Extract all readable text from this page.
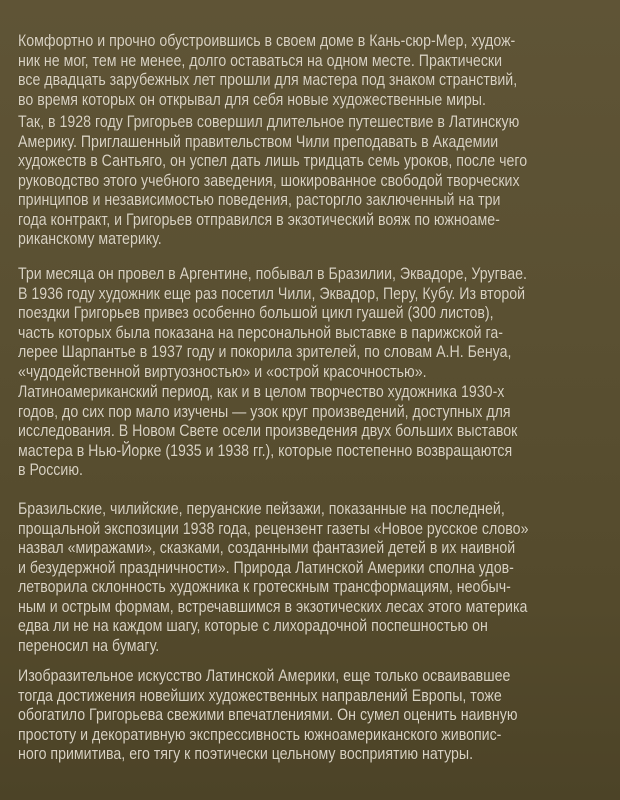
Комфортно и прочно обустроившись в своем доме в Кань-сюр-Мер, худож-
ник не мог, тем не менее, долго оставаться на одном месте. Практически
все двадцать зарубежных лет прошли для мастера под знаком странствий,
во время которых он открывал для себя новые художественные миры.
Так, в 1928 году Григорьев совершил длительное путешествие в Латинскую
Америку. Приглашенный правительством Чили преподавать в Академии
художеств в Сантьяго, он успел дать лишь тридцать семь уроков, после чего
руководство этого учебного заведения, шокированное свободой творческих
принципов и независимостью поведения, расторгло заключенный на три
года контракт, и Григорьев отправился в экзотический вояж по южноаме-
риканскому материку.
Три месяца он провел в Аргентине, побывал в Бразилии, Эквадоре, Уругвае.
В 1936 году художник еще раз посетил Чили, Эквадор, Перу, Кубу. Из второй
поездки Григорьев привез особенно большой цикл гуашей (300 листов),
часть которых была показана на персональной выставке в парижской га-
лерее Шарпантье в 1937 году и покорила зрителей, по словам А.Н. Бенуа,
«чудодейственной виртуозностью» и «острой красочностью».
Латиноамериканский период, как и в целом творчество художника 1930-х
годов, до сих пор мало изучены — узок круг произведений, доступных для
исследования. В Новом Свете осели произведения двух больших выставок
мастера в Нью-Йорке (1935 и 1938 гг.), которые постепенно возвращаются
в Россию.
Бразильские, чилийские, перуанские пейзажи, показанные на последней,
прощальной экспозиции 1938 года, рецензент газеты «Новое русское слово»
назвал «миражами», сказками, созданными фантазией детей в их наивной
и безудержной праздничности». Природа Латинской Америки сполна удов-
летворила склонность художника к гротескным трансформациям, необыч-
ным и острым формам, встречавшимся в экзотических лесах этого материка
едва ли не на каждом шагу, которые с лихорадочной поспешностью он
переносил на бумагу.
Изобразительное искусство Латинской Америки, еще только осваивавшее
тогда достижения новейших художественных направлений Европы, тоже
обогатило Григорьева свежими впечатлениями. Он сумел оценить наивную
простоту и декоративную экспрессивность южноамериканского живопис-
ного примитива, его тягу к поэтически цельному восприятию натуры.
